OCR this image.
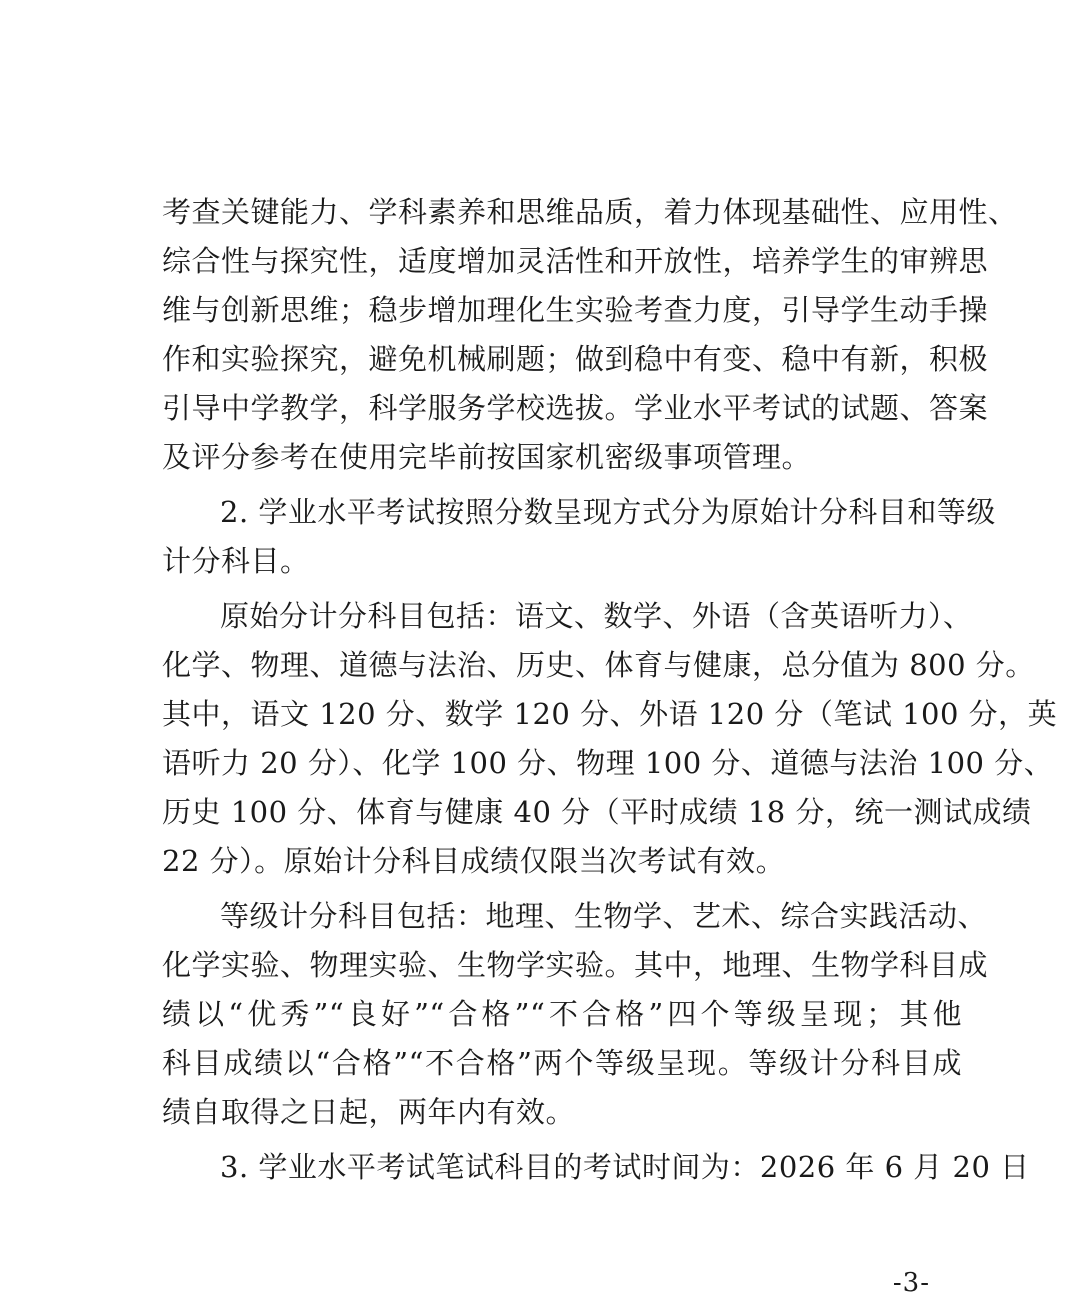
考查关键能力、学科素养和思维品质，着力体现基础性、应用性、
综合性与探究性，适度增加灵活性和开放性，培养学生的审辨思
维与创新思维；稳步增加理化生实验考查力度，引导学生动手操
作和实验探究，避免机械刷题；做到稳中有变、稳中有新，积极
引导中学教学，科学服务学校选拔。学业水平考试的试题、答案
及评分参考在使用完毕前按国家机密级事项管理。
2. 学业水平考试按照分数呈现方式分为原始计分科目和等级
计分科目。
原始分计分科目包括：语文、数学、外语（含英语听力）、
化学、物理、道德与法治、历史、体育与健康，总分值为 800 分。
其中，语文 120 分、数学 120 分、外语 120 分（笔试 100 分，英
语听力 20 分）、化学 100 分、物理 100 分、道德与法治 100 分、
历史 100 分、体育与健康 40 分（平时成绩 18 分，统一测试成绩
22 分）。原始计分科目成绩仅限当次考试有效。
等级计分科目包括：地理、生物学、艺术、综合实践活动、
化学实验、物理实验、生物学实验。其中，地理、生物学科目成
绩以“优秀”“良好”“合格”“不合格”四个等级呈现；其他
科目成绩以“合格”“不合格”两个等级呈现。等级计分科目成
绩自取得之日起，两年内有效。
3. 学业水平考试笔试科目的考试时间为：2026 年 6 月 20 日
-3-
